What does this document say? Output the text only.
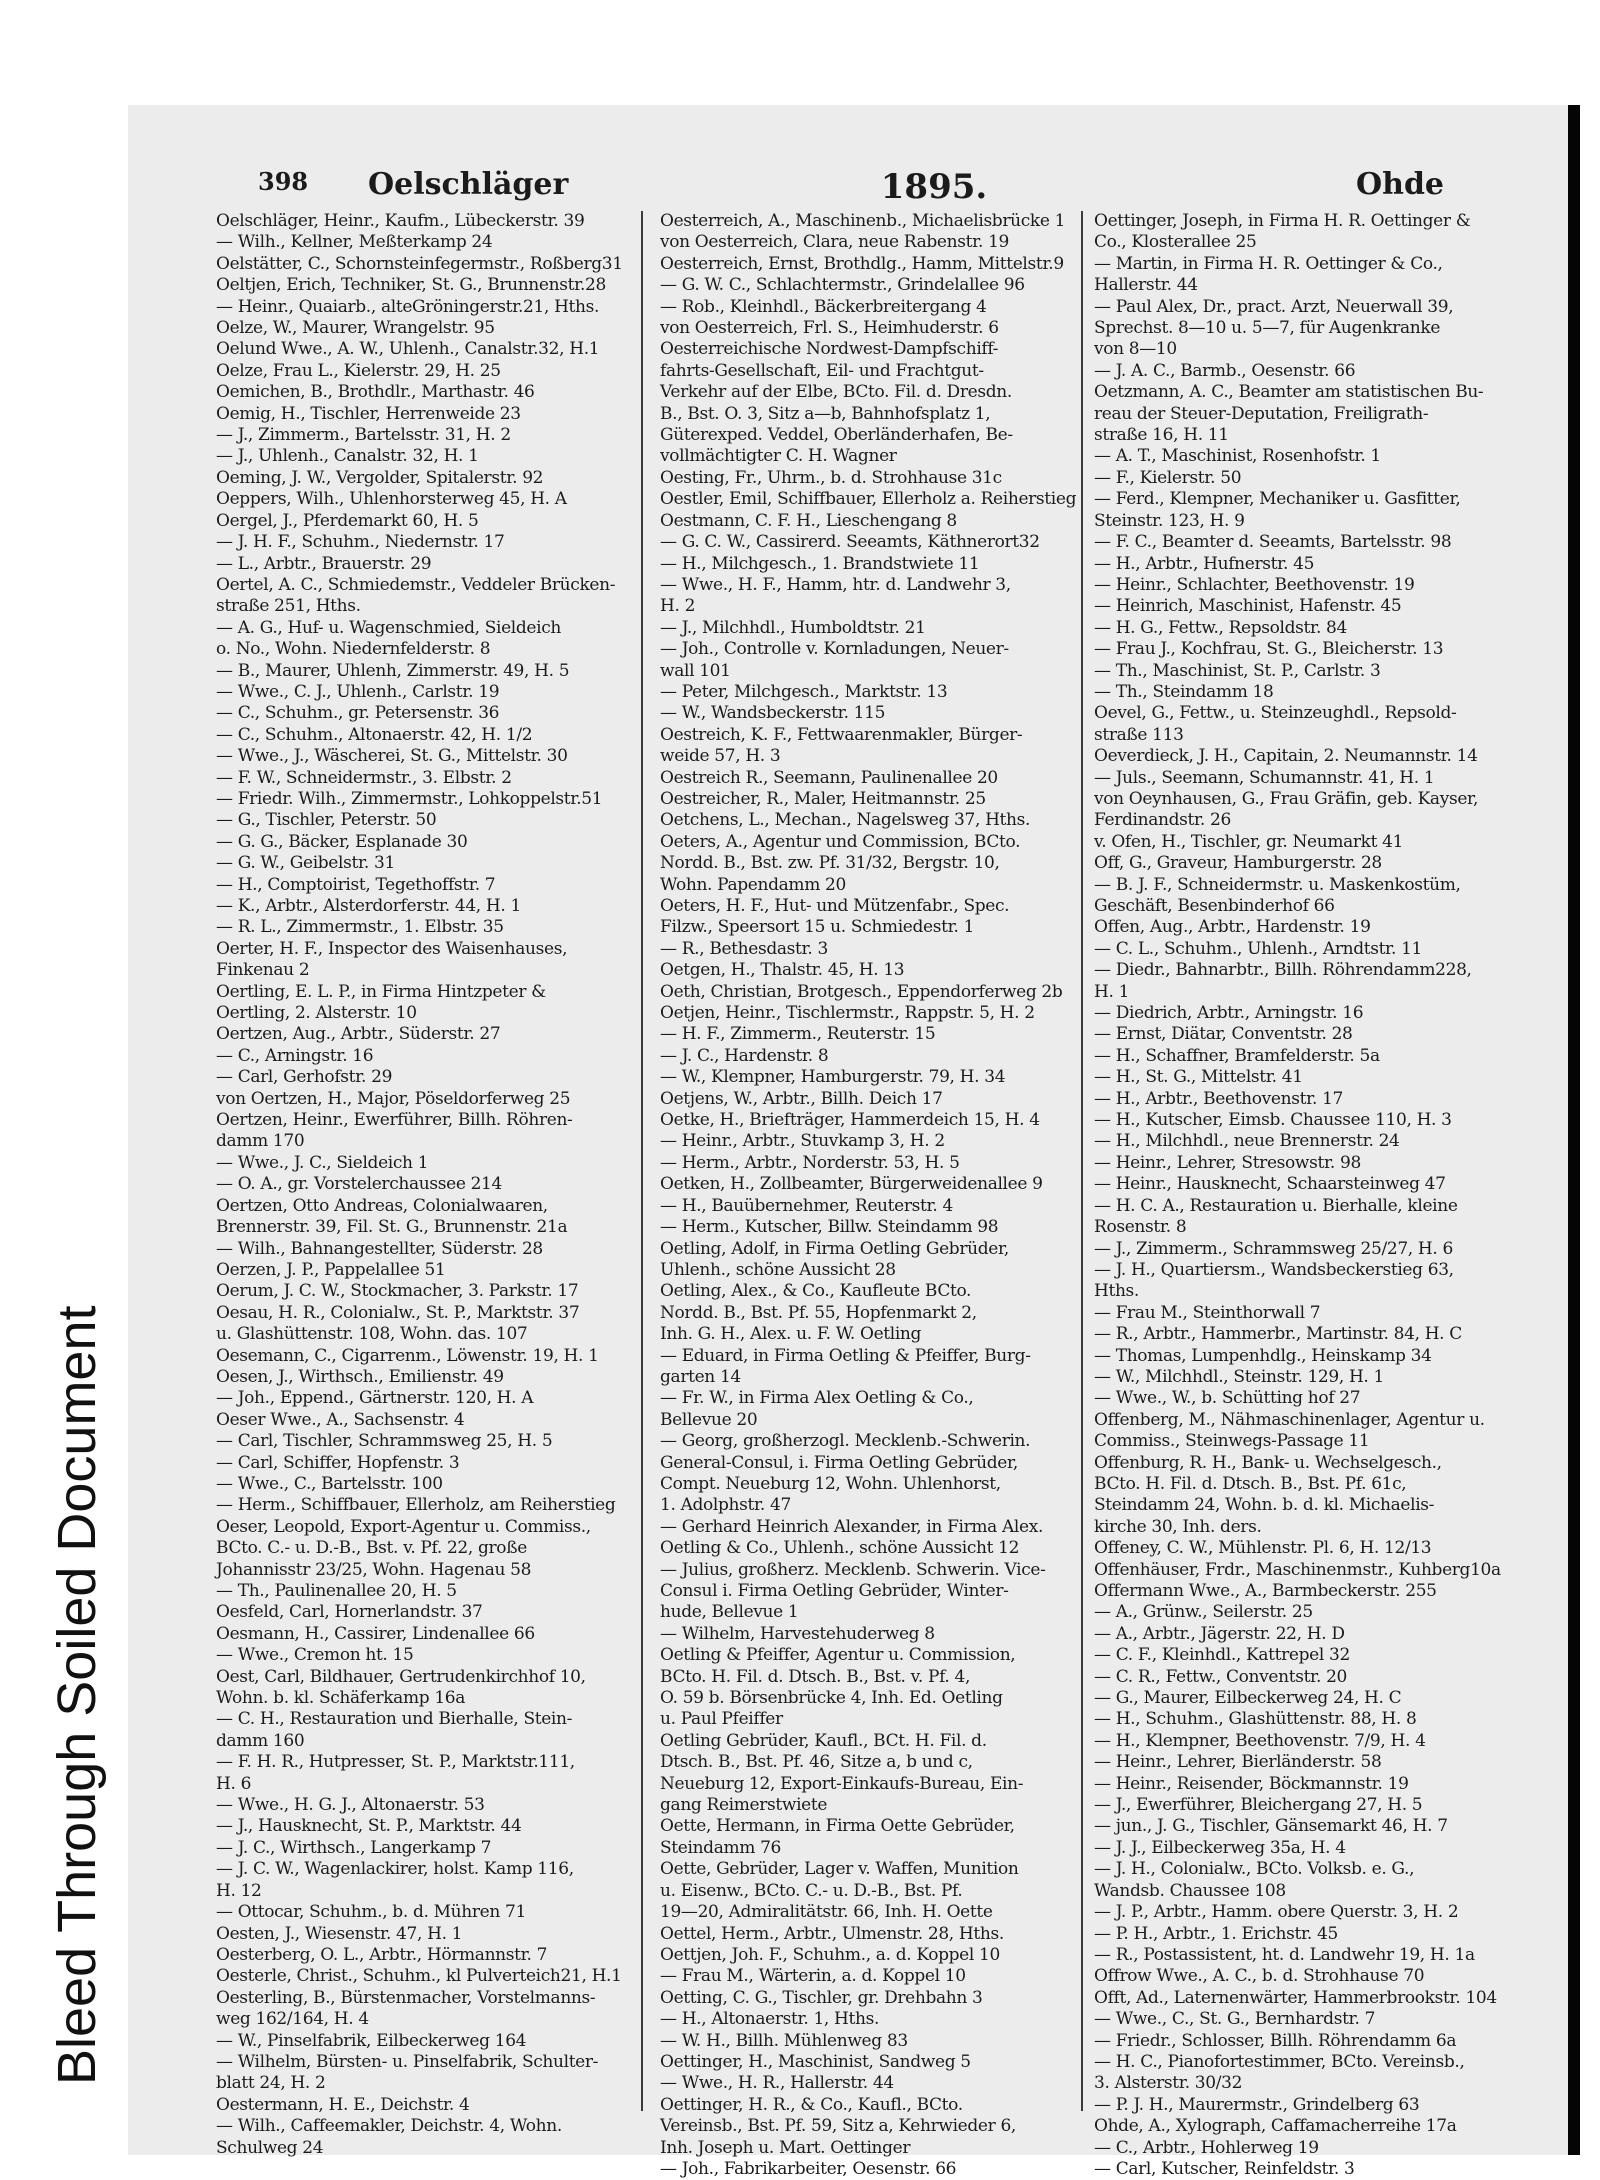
Bleed Through Soiled Document
398 Oelschläger	1895.	Ohde
Oelschläger, Heinr., Kaufm., Lübeckerstr. 39
— Wilh., Kellner, Meßterkamp 24
Oelstätter, C., Schornsteinfegermstr., Roßberg31
Oeltjen, Erich, Techniker, St. G., Brunnenstr.28
— Heinr., Quaiarb., alteGröningerstr.21, Hths.
Oelze, W., Maurer, Wrangelstr. 95
Oelund Wwe., A. W., Uhlenh., Canalstr.32, H.1
Oelze, Frau L., Kielerstr. 29, H. 25
Oemichen, B., Brothdlr., Marthastr. 46
Oemig, H., Tischler, Herrenweide 23
— J., Zimmerm., Bartelsstr. 31, H. 2
— J., Uhlenh., Canalstr. 32, H. 1
Oeming, J. W., Vergolder, Spitalerstr. 92
Oeppers, Wilh., Uhlenhorsterweg 45, H. A
Oergel, J., Pferdemarkt 60, H. 5
— J. H. F., Schuhm., Niedernstr. 17
— L., Arbtr., Brauerstr. 29
Oertel, A. C., Schmiedemstr., Veddeler Brücken-
straße 251, Hths.
— A. G., Huf- u. Wagenschmied, Sieldeich
o. No., Wohn. Niedernfelderstr. 8
— B., Maurer, Uhlenh, Zimmerstr. 49, H. 5
— Wwe., C. J., Uhlenh., Carlstr. 19
— C., Schuhm., gr. Petersenstr. 36
— C., Schuhm., Altonaerstr. 42, H. 1/2
— Wwe., J., Wäscherei, St. G., Mittelstr. 30
— F. W., Schneidermstr., 3. Elbstr. 2
— Friedr. Wilh., Zimmermstr., Lohkoppelstr.51
— G., Tischler, Peterstr. 50
— G. G., Bäcker, Esplanade 30
— G. W., Geibelstr. 31
— H., Comptoirist, Tegethoffstr. 7
— K., Arbtr., Alsterdorferstr. 44, H. 1
— R. L., Zimmermstr., 1. Elbstr. 35
Oerter, H. F., Inspector des Waisenhauses,
Finkenau 2
Oertling, E. L. P., in Firma Hintzpeter &
Oertling, 2. Alsterstr. 10
Oertzen, Aug., Arbtr., Süderstr. 27
— C., Arningstr. 16
— Carl, Gerhofstr. 29
von Oertzen, H., Major, Pöseldorferweg 25
Oertzen, Heinr., Ewerführer, Billh. Röhren-
damm 170
— Wwe., J. C., Sieldeich 1
— O. A., gr. Vorstelerchaussee 214
Oertzen, Otto Andreas, Colonialwaaren,
Brennerstr. 39, Fil. St. G., Brunnenstr. 21a
— Wilh., Bahnangestellter, Süderstr. 28
Oerzen, J. P., Pappelallee 51
Oerum, J. C. W., Stockmacher, 3. Parkstr. 17
Oesau, H. R., Colonialw., St. P., Marktstr. 37
u. Glashüttenstr. 108, Wohn. das. 107
Oesemann, C., Cigarrenm., Löwenstr. 19, H. 1
Oesen, J., Wirthsch., Emilienstr. 49
— Joh., Eppend., Gärtnerstr. 120, H. A
Oeser Wwe., A., Sachsenstr. 4
— Carl, Tischler, Schrammsweg 25, H. 5
— Carl, Schiffer, Hopfenstr. 3
— Wwe., C., Bartelsstr. 100
— Herm., Schiffbauer, Ellerholz, am Reiherstieg
Oeser, Leopold, Export-Agentur u. Commiss.,
BCto. C.- u. D.-B., Bst. v. Pf. 22, große
Johannisstr 23/25, Wohn. Hagenau 58
— Th., Paulinenallee 20, H. 5
Oesfeld, Carl, Hornerlandstr. 37
Oesmann, H., Cassirer, Lindenallee 66
— Wwe., Cremon ht. 15
Oest, Carl, Bildhauer, Gertrudenkirchhof 10,
Wohn. b. kl. Schäferkamp 16a
— C. H., Restauration und Bierhalle, Stein-
damm 160
— F. H. R., Hutpresser, St. P., Marktstr.111,
H. 6
— Wwe., H. G. J., Altonaerstr. 53
— J., Hausknecht, St. P., Marktstr. 44
— J. C., Wirthsch., Langerkamp 7
— J. C. W., Wagenlackirer, holst. Kamp 116,
H. 12
— Ottocar, Schuhm., b. d. Mühren 71
Oesten, J., Wiesenstr. 47, H. 1
Oesterberg, O. L., Arbtr., Hörmannstr. 7
Oesterle, Christ., Schuhm., kl Pulverteich21, H.1
Oesterling, B., Bürstenmacher, Vorstelmanns-
weg 162/164, H. 4
— W., Pinselfabrik, Eilbeckerweg 164
— Wilhelm, Bürsten- u. Pinselfabrik, Schulter-
blatt 24, H. 2
Oestermann, H. E., Deichstr. 4
— Wilh., Caffeemakler, Deichstr. 4, Wohn.
Schulweg 24
Oesterreich, A., Maschinenb., Michaelisbrücke 1
von Oesterreich, Clara, neue Rabenstr. 19
Oesterreich, Ernst, Brothdlg., Hamm, Mittelstr.9
— G. W. C., Schlachtermstr., Grindelallee 96
— Rob., Kleinhdl., Bäckerbreitergang 4
von Oesterreich, Frl. S., Heimhuderstr. 6
Oesterreichische Nordwest-Dampfschiff-
fahrts-Gesellschaft, Eil- und Frachtgut-
Verkehr auf der Elbe, BCto. Fil. d. Dresdn.
B., Bst. O. 3, Sitz a—b, Bahnhofsplatz 1,
Güterexped. Veddel, Oberländerhafen, Be-
vollmächtigter C. H. Wagner
Oesting, Fr., Uhrm., b. d. Strohhause 31c
Oestler, Emil, Schiffbauer, Ellerholz a. Reiherstieg
Oestmann, C. F. H., Lieschengang 8
— G. C. W., Cassirerd. Seeamts, Käthnerort32
— H., Milchgesch., 1. Brandstwiete 11
— Wwe., H. F., Hamm, htr. d. Landwehr 3,
H. 2
— J., Milchhdl., Humboldtstr. 21
— Joh., Controlle v. Kornladungen, Neuer-
wall 101
— Peter, Milchgesch., Marktstr. 13
— W., Wandsbeckerstr. 115
Oestreich, K. F., Fettwaarenmakler, Bürger-
weide 57, H. 3
Oestreich R., Seemann, Paulinenallee 20
Oestreicher, R., Maler, Heitmannstr. 25
Oetchens, L., Mechan., Nagelsweg 37, Hths.
Oeters, A., Agentur und Commission, BCto.
Nordd. B., Bst. zw. Pf. 31/32, Bergstr. 10,
Wohn. Papendamm 20
Oeters, H. F., Hut- und Mützenfabr., Spec.
Filzw., Speersort 15 u. Schmiedestr. 1
— R., Bethesdastr. 3
Oetgen, H., Thalstr. 45, H. 13
Oeth, Christian, Brotgesch., Eppendorferweg 2b
Oetjen, Heinr., Tischlermstr., Rappstr. 5, H. 2
— H. F., Zimmerm., Reuterstr. 15
— J. C., Hardenstr. 8
— W., Klempner, Hamburgerstr. 79, H. 34
Oetjens, W., Arbtr., Billh. Deich 17
Oetke, H., Briefträger, Hammerdeich 15, H. 4
— Heinr., Arbtr., Stuvkamp 3, H. 2
— Herm., Arbtr., Norderstr. 53, H. 5
Oetken, H., Zollbeamter, Bürgerweidenallee 9
— H., Bauübernehmer, Reuterstr. 4
— Herm., Kutscher, Billw. Steindamm 98
Oetling, Adolf, in Firma Oetling Gebrüder,
Uhlenh., schöne Aussicht 28
Oetling, Alex., & Co., Kaufleute BCto.
Nordd. B., Bst. Pf. 55, Hopfenmarkt 2,
Inh. G. H., Alex. u. F. W. Oetling
— Eduard, in Firma Oetling & Pfeiffer, Burg-
garten 14
— Fr. W., in Firma Alex Oetling & Co.,
Bellevue 20
— Georg, großherzogl. Mecklenb.-Schwerin.
General-Consul, i. Firma Oetling Gebrüder,
Compt. Neueburg 12, Wohn. Uhlenhorst,
1. Adolphstr. 47
— Gerhard Heinrich Alexander, in Firma Alex.
Oetling & Co., Uhlenh., schöne Aussicht 12
— Julius, großherz. Mecklenb. Schwerin. Vice-
Consul i. Firma Oetling Gebrüder, Winter-
hude, Bellevue 1
— Wilhelm, Harvestehuderweg 8
Oetling & Pfeiffer, Agentur u. Commission,
BCto. H. Fil. d. Dtsch. B., Bst. v. Pf. 4,
O. 59 b. Börsenbrücke 4, Inh. Ed. Oetling
u. Paul Pfeiffer
Oetling Gebrüder, Kaufl., BCt. H. Fil. d.
Dtsch. B., Bst. Pf. 46, Sitze a, b und c,
Neueburg 12, Export-Einkaufs-Bureau, Ein-
gang Reimerstwiete
Oette, Hermann, in Firma Oette Gebrüder,
Steindamm 76
Oette, Gebrüder, Lager v. Waffen, Munition
u. Eisenw., BCto. C.- u. D.-B., Bst. Pf.
19—20, Admiralitätstr. 66, Inh. H. Oette
Oettel, Herm., Arbtr., Ulmenstr. 28, Hths.
Oettjen, Joh. F., Schuhm., a. d. Koppel 10
— Frau M., Wärterin, a. d. Koppel 10
Oetting, C. G., Tischler, gr. Drehbahn 3
— H., Altonaerstr. 1, Hths.
— W. H., Billh. Mühlenweg 83
Oettinger, H., Maschinist, Sandweg 5
— Wwe., H. R., Hallerstr. 44
Oettinger, H. R., & Co., Kaufl., BCto.
Vereinsb., Bst. Pf. 59, Sitz a, Kehrwieder 6,
Inh. Joseph u. Mart. Oettinger
— Joh., Fabrikarbeiter, Oesenstr. 66
Oettinger, Joseph, in Firma H. R. Oettinger &
Co., Klosterallee 25
— Martin, in Firma H. R. Oettinger & Co.,
Hallerstr. 44
— Paul Alex, Dr., pract. Arzt, Neuerwall 39,
Sprechst. 8—10 u. 5—7, für Augenkranke
von 8—10
— J. A. C., Barmb., Oesenstr. 66
Oetzmann, A. C., Beamter am statistischen Bu-
reau der Steuer-Deputation, Freiligrath-
straße 16, H. 11
— A. T., Maschinist, Rosenhofstr. 1
— F., Kielerstr. 50
— Ferd., Klempner, Mechaniker u. Gasfitter,
Steinstr. 123, H. 9
— F. C., Beamter d. Seeamts, Bartelsstr. 98
— H., Arbtr., Hufnerstr. 45
— Heinr., Schlachter, Beethovenstr. 19
— Heinrich, Maschinist, Hafenstr. 45
— H. G., Fettw., Repsoldstr. 84
— Frau J., Kochfrau, St. G., Bleicherstr. 13
— Th., Maschinist, St. P., Carlstr. 3
— Th., Steindamm 18
Oevel, G., Fettw., u. Steinzeughdl., Repsold-
straße 113
Oeverdieck, J. H., Capitain, 2. Neumannstr. 14
— Juls., Seemann, Schumannstr. 41, H. 1
von Oeynhausen, G., Frau Gräfin, geb. Kayser,
Ferdinandstr. 26
v. Ofen, H., Tischler, gr. Neumarkt 41
Off, G., Graveur, Hamburgerstr. 28
— B. J. F., Schneidermstr. u. Maskenkostüm,
Geschäft, Besenbinderhof 66
Offen, Aug., Arbtr., Hardenstr. 19
— C. L., Schuhm., Uhlenh., Arndtstr. 11
— Diedr., Bahnarbtr., Billh. Röhrendamm228,
H. 1
— Diedrich, Arbtr., Arningstr. 16
— Ernst, Diätar, Conventstr. 28
— H., Schaffner, Bramfelderstr. 5a
— H., St. G., Mittelstr. 41
— H., Arbtr., Beethovenstr. 17
— H., Kutscher, Eimsb. Chaussee 110, H. 3
— H., Milchhdl., neue Brennerstr. 24
— Heinr., Lehrer, Stresowstr. 98
— Heinr., Hausknecht, Schaarsteinweg 47
— H. C. A., Restauration u. Bierhalle, kleine
Rosenstr. 8
— J., Zimmerm., Schrammsweg 25/27, H. 6
— J. H., Quartiersm., Wandsbeckerstieg 63,
Hths.
— Frau M., Steinthorwall 7
— R., Arbtr., Hammerbr., Martinstr. 84, H. C
— Thomas, Lumpenhdlg., Heinskamp 34
— W., Milchhdl., Steinstr. 129, H. 1
— Wwe., W., b. Schütting hof 27
Offenberg, M., Nähmaschinenlager, Agentur u.
Commiss., Steinwegs-Passage 11
Offenburg, R. H., Bank- u. Wechselgesch.,
BCto. H. Fil. d. Dtsch. B., Bst. Pf. 61c,
Steindamm 24, Wohn. b. d. kl. Michaelis-
kirche 30, Inh. ders.
Offeney, C. W., Mühlenstr. Pl. 6, H. 12/13
Offenhäuser, Frdr., Maschinenmstr., Kuhberg10a
Offermann Wwe., A., Barmbeckerstr. 255
— A., Grünw., Seilerstr. 25
— A., Arbtr., Jägerstr. 22, H. D
— C. F., Kleinhdl., Kattrepel 32
— C. R., Fettw., Conventstr. 20
— G., Maurer, Eilbeckerweg 24, H. C
— H., Schuhm., Glashüttenstr. 88, H. 8
— H., Klempner, Beethovenstr. 7/9, H. 4
— Heinr., Lehrer, Bierländerstr. 58
— Heinr., Reisender, Böckmannstr. 19
— J., Ewerführer, Bleichergang 27, H. 5
— jun., J. G., Tischler, Gänsemarkt 46, H. 7
— J. J., Eilbeckerweg 35a, H. 4
— J. H., Colonialw., BCto. Volksb. e. G.,
Wandsb. Chaussee 108
— J. P., Arbtr., Hamm. obere Querstr. 3, H. 2
— P. H., Arbtr., 1. Erichstr. 45
— R., Postassistent, ht. d. Landwehr 19, H. 1a
Offrow Wwe., A. C., b. d. Strohhause 70
Offt, Ad., Laternenwärter, Hammerbrookstr. 104
— Wwe., C., St. G., Bernhardstr. 7
— Friedr., Schlosser, Billh. Röhrendamm 6a
— H. C., Pianofortestimmer, BCto. Vereinsb.,
3. Alsterstr. 30/32
— P. J. H., Maurermstr., Grindelberg 63
Ohde, A., Xylograph, Caffamacherreihe 17a
— C., Arbtr., Hohlerweg 19
— Carl, Kutscher, Reinfeldstr. 3
